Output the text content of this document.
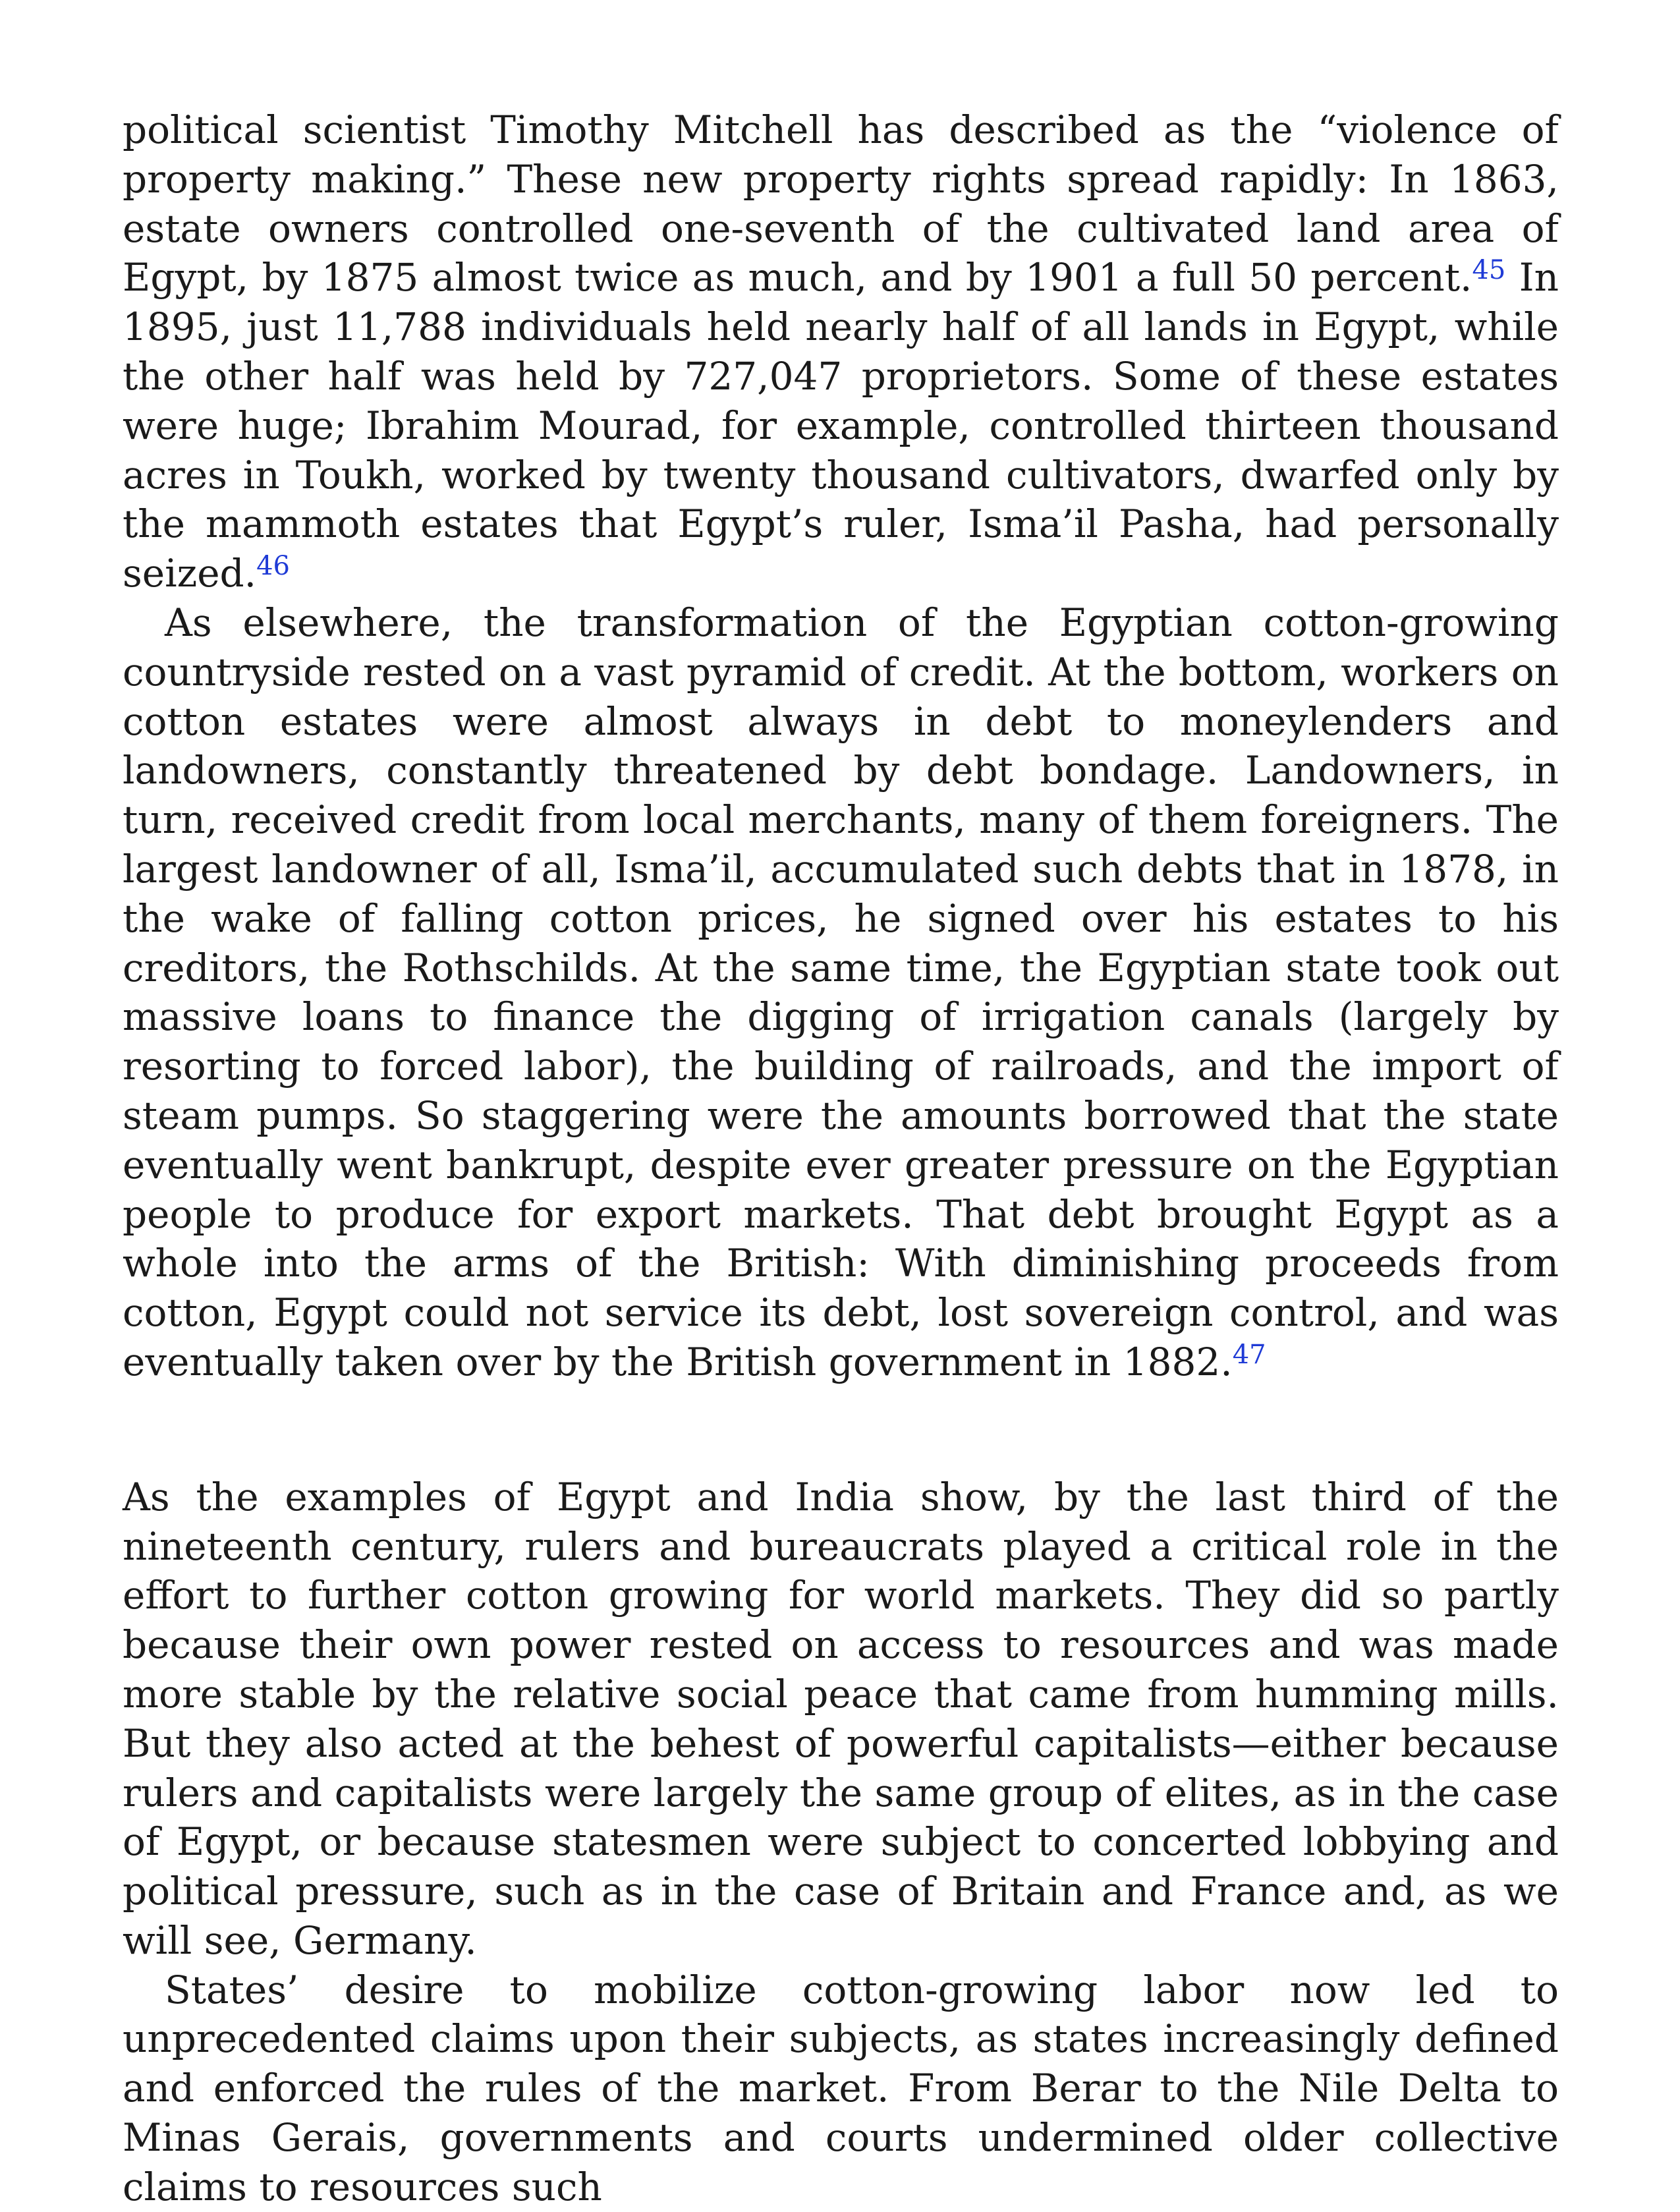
political scientist Timothy Mitchell has described as the “violence of property making.” These new property rights spread rapidly: In 1863, estate owners controlled one-seventh of the cultivated land area of Egypt, by 1875 almost twice as much, and by 1901 a full 50 percent.$^{45}$ In 1895, just 11,788 individuals held nearly half of all lands in Egypt, while the other half was held by 727,047 proprietors. Some of these estates were huge; Ibrahim Mourad, for example, controlled thirteen thousand acres in Toukh, worked by twenty thousand cultivators, dwarfed only by the mammoth estates that Egypt’s ruler, Isma’il Pasha, had personally seized.$^{46}$

As elsewhere, the transformation of the Egyptian cotton-growing countryside rested on a vast pyramid of credit. At the bottom, workers on cotton estates were almost always in debt to moneylenders and landowners, constantly threatened by debt bondage. Landowners, in turn, received credit from local merchants, many of them foreigners. The largest landowner of all, Isma’il, accumulated such debts that in 1878, in the wake of falling cotton prices, he signed over his estates to his creditors, the Rothschilds. At the same time, the Egyptian state took out massive loans to finance the digging of irrigation canals (largely by resorting to forced labor), the building of railroads, and the import of steam pumps. So staggering were the amounts borrowed that the state eventually went bankrupt, despite ever greater pressure on the Egyptian people to produce for export markets. That debt brought Egypt as a whole into the arms of the British: With diminishing proceeds from cotton, Egypt could not service its debt, lost sovereign control, and was eventually taken over by the British government in 1882.47

As the examples of Egypt and India show, by the last third of the nineteenth century, rulers and bureaucrats played a critical role in the effort to further cotton growing for world markets. They did so partly because their own power rested on access to resources and was made more stable by the relative social peace that came from humming mills. But they also acted at the behest of powerful capitalists—either because rulers and capitalists were largely the same group of elites, as in the case of Egypt, or because statesmen were subject to concerted lobbying and political pressure, such as in the case of Britain and France and, as we will see, Germany.

States’ desire to mobilize cotton-growing labor now led to unprecedented claims upon their subjects, as states increasingly defined and enforced the rules of the market. From Berar to the Nile Delta to Minas Gerais, governments and courts undermined older collective claims to resources such
